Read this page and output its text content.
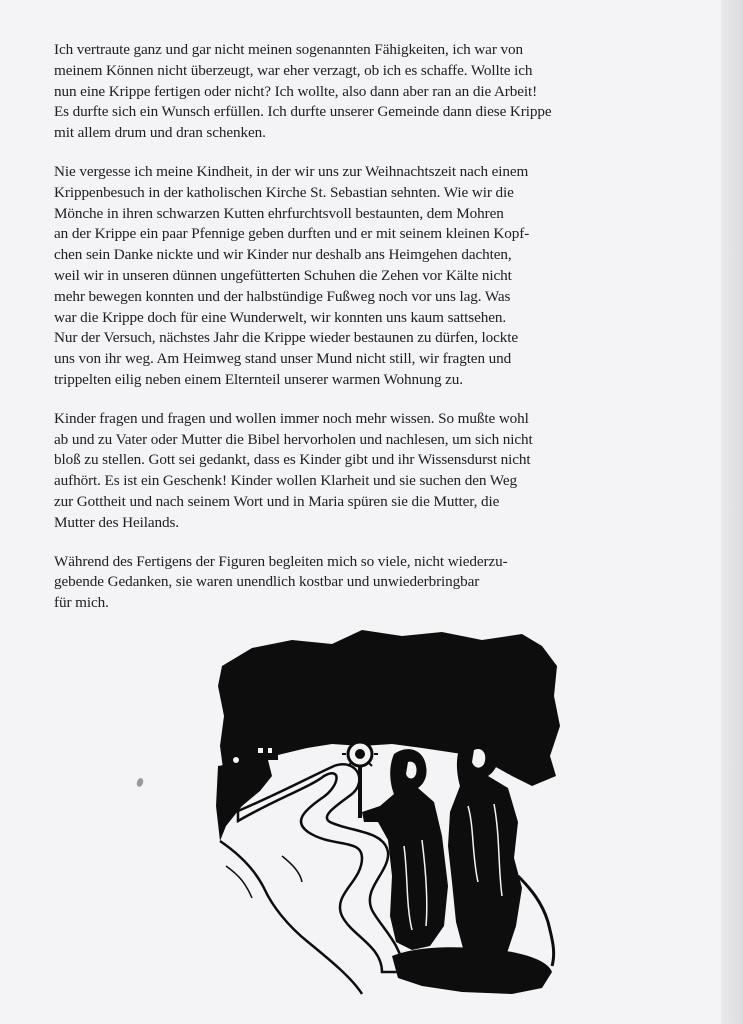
Ich vertraute ganz und gar nicht meinen sogenannten Fähigkeiten, ich war von
meinem Können nicht überzeugt, war eher verzagt, ob ich es schaffe. Wollte ich
nun eine Krippe fertigen oder nicht? Ich wollte, also dann aber ran an die Arbeit!
Es durfte sich ein Wunsch erfüllen. Ich durfte unserer Gemeinde dann diese Krippe
mit allem drum und dran schenken.

Nie vergesse ich meine Kindheit, in der wir uns zur Weihnachtszeit nach einem
Krippenbesuch in der katholischen Kirche St. Sebastian sehnten. Wie wir die
Mönche in ihren schwarzen Kutten ehrfurchtsvoll bestaunten, dem Mohren
an der Krippe ein paar Pfennige geben durften und er mit seinem kleinen Kopf-
chen sein Danke nickte und wir Kinder nur deshalb ans Heimgehen dachten,
weil wir in unseren dünnen ungefütterten Schuhen die Zehen vor Kälte nicht
mehr bewegen konnten und der halbstündige Fußweg noch vor uns lag. Was
war die Krippe doch für eine Wunderwelt, wir konnten uns kaum sattsehen.
Nur der Versuch, nächstes Jahr die Krippe wieder bestaunen zu dürfen, lockte
uns von ihr weg. Am Heimweg stand unser Mund nicht still, wir fragten und
trippelten eilig neben einem Elternteil unserer warmen Wohnung zu.

Kinder fragen und fragen und wollen immer noch mehr wissen. So mußte wohl
ab und zu Vater oder Mutter die Bibel hervorholen und nachlesen, um sich nicht
bloß zu stellen. Gott sei gedankt, dass es Kinder gibt und ihr Wissensdurst nicht
aufhört. Es ist ein Geschenk! Kinder wollen Klarheit und sie suchen den Weg
zur Gottheit und nach seinem Wort und in Maria spüren sie die Mutter, die
Mutter des Heilands.

Während des Fertigens der Figuren begleiten mich so viele, nicht wiederzu-
gebende Gedanken, sie waren unendlich kostbar und unwiederbringbar
für mich.
